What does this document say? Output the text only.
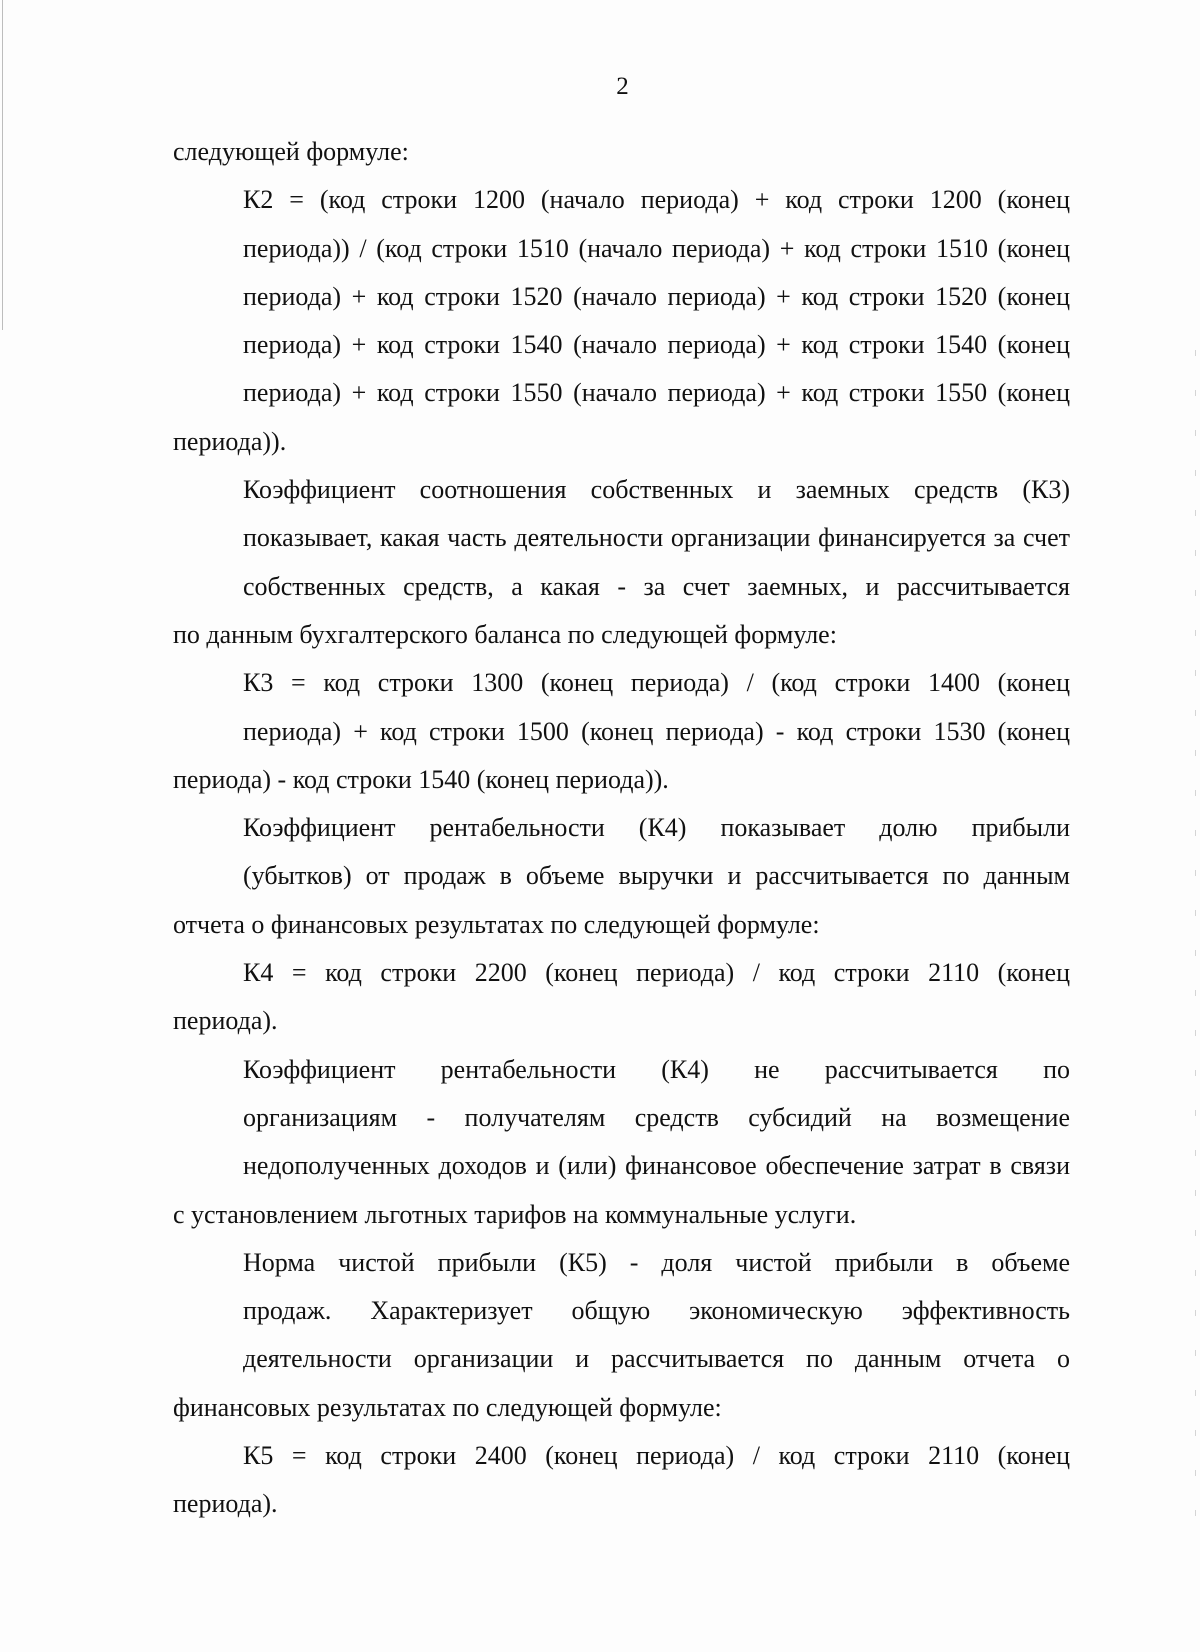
2

следующей формуле:

К2 = (код строки 1200 (начало периода) + код строки 1200 (конец
периода)) / (код строки 1510 (начало периода) + код строки 1510 (конец
периода) + код строки 1520 (начало периода) + код строки 1520 (конец
периода) + код строки 1540 (начало периода) + код строки 1540 (конец
периода) + код строки 1550 (начало периода) + код строки 1550 (конец
периода)).

Коэффициент соотношения собственных и заемных средств (К3)
показывает, какая часть деятельности организации финансируется за счет
собственных средств, а какая - за счет заемных, и рассчитывается
по данным бухгалтерского баланса по следующей формуле:

К3 = код строки 1300 (конец периода) / (код строки 1400 (конец
периода) + код строки 1500 (конец периода) - код строки 1530 (конец
периода) - код строки 1540 (конец периода)).

Коэффициент рентабельности (К4) показывает долю прибыли
(убытков) от продаж в объеме выручки и рассчитывается по данным
отчета о финансовых результатах по следующей формуле:

К4 = код строки 2200 (конец периода) / код строки 2110 (конец
периода).

Коэффициент рентабельности (К4) не рассчитывается по
организациям - получателям средств субсидий на возмещение
недополученных доходов и (или) финансовое обеспечение затрат в связи
с установлением льготных тарифов на коммунальные услуги.

Норма чистой прибыли (К5) - доля чистой прибыли в объеме
продаж. Характеризует общую экономическую эффективность
деятельности организации и рассчитывается по данным отчета о
финансовых результатах по следующей формуле:

К5 = код строки 2400 (конец периода) / код строки 2110 (конец
периода).
